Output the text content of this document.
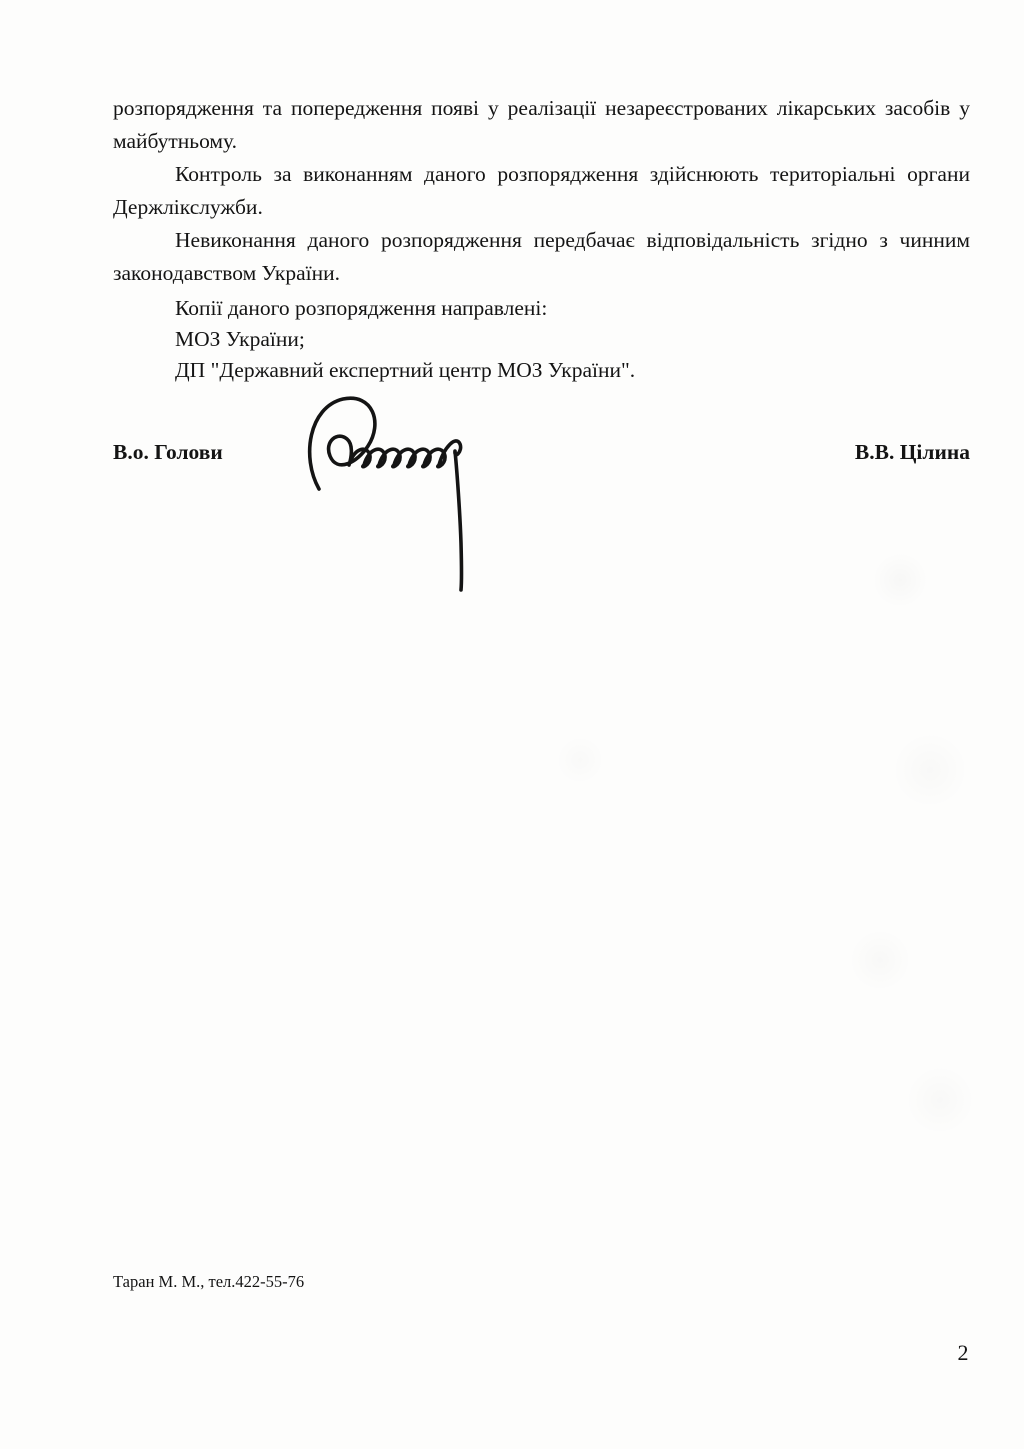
розпорядження та попередження появі у реалізації незареєстрованих лікарських засобів у майбутньому.

Контроль за виконанням даного розпорядження здійснюють територіальні органи Держлікслужби.

Невиконання даного розпорядження передбачає відповідальність згідно з чинним законодавством України.

Копії даного розпорядження направлені:
МОЗ України;
ДП "Державний експертний центр МОЗ України".
В.о. Голови	В.В. Цілина
Таран М. М., тел.422-55-76
2
